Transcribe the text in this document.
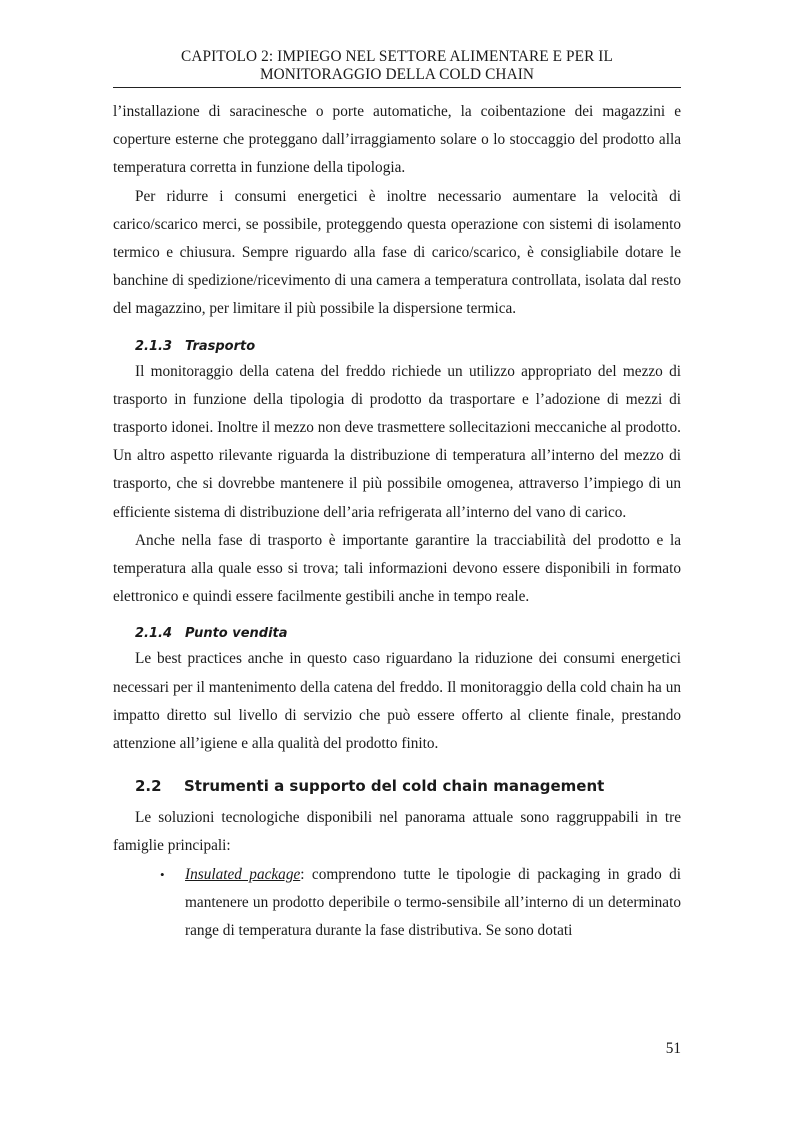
CAPITOLO 2: IMPIEGO NEL SETTORE ALIMENTARE E PER IL
MONITORAGGIO DELLA COLD CHAIN

l’installazione di saracinesche o porte automatiche, la coibentazione dei magazzini e coperture esterne che proteggano dall’irraggiamento solare o lo stoccaggio del prodotto alla temperatura corretta in funzione della tipologia.

Per ridurre i consumi energetici è inoltre necessario aumentare la velocità di carico/scarico merci, se possibile, proteggendo questa operazione con sistemi di isolamento termico e chiusura. Sempre riguardo alla fase di carico/scarico, è consigliabile dotare le banchine di spedizione/ricevimento di una camera a temperatura controllata, isolata dal resto del magazzino, per limitare il più possibile la dispersione termica.

2.1.3 Trasporto

Il monitoraggio della catena del freddo richiede un utilizzo appropriato del mezzo di trasporto in funzione della tipologia di prodotto da trasportare e l’adozione di mezzi di trasporto idonei. Inoltre il mezzo non deve trasmettere sollecitazioni meccaniche al prodotto. Un altro aspetto rilevante riguarda la distribuzione di temperatura all’interno del mezzo di trasporto, che si dovrebbe mantenere il più possibile omogenea, attraverso l’impiego di un efficiente sistema di distribuzione dell’aria refrigerata all’interno del vano di carico.

Anche nella fase di trasporto è importante garantire la tracciabilità del prodotto e la temperatura alla quale esso si trova; tali informazioni devono essere disponibili in formato elettronico e quindi essere facilmente gestibili anche in tempo reale.

2.1.4 Punto vendita

Le best practices anche in questo caso riguardano la riduzione dei consumi energetici necessari per il mantenimento della catena del freddo. Il monitoraggio della cold chain ha un impatto diretto sul livello di servizio che può essere offerto al cliente finale, prestando attenzione all’igiene e alla qualità del prodotto finito.

2.2 Strumenti a supporto del cold chain management

Le soluzioni tecnologiche disponibili nel panorama attuale sono raggruppabili in tre famiglie principali:

• Insulated package: comprendono tutte le tipologie di packaging in grado di mantenere un prodotto deperibile o termo-sensibile all’interno di un determinato range di temperatura durante la fase distributiva. Se sono dotati
51
